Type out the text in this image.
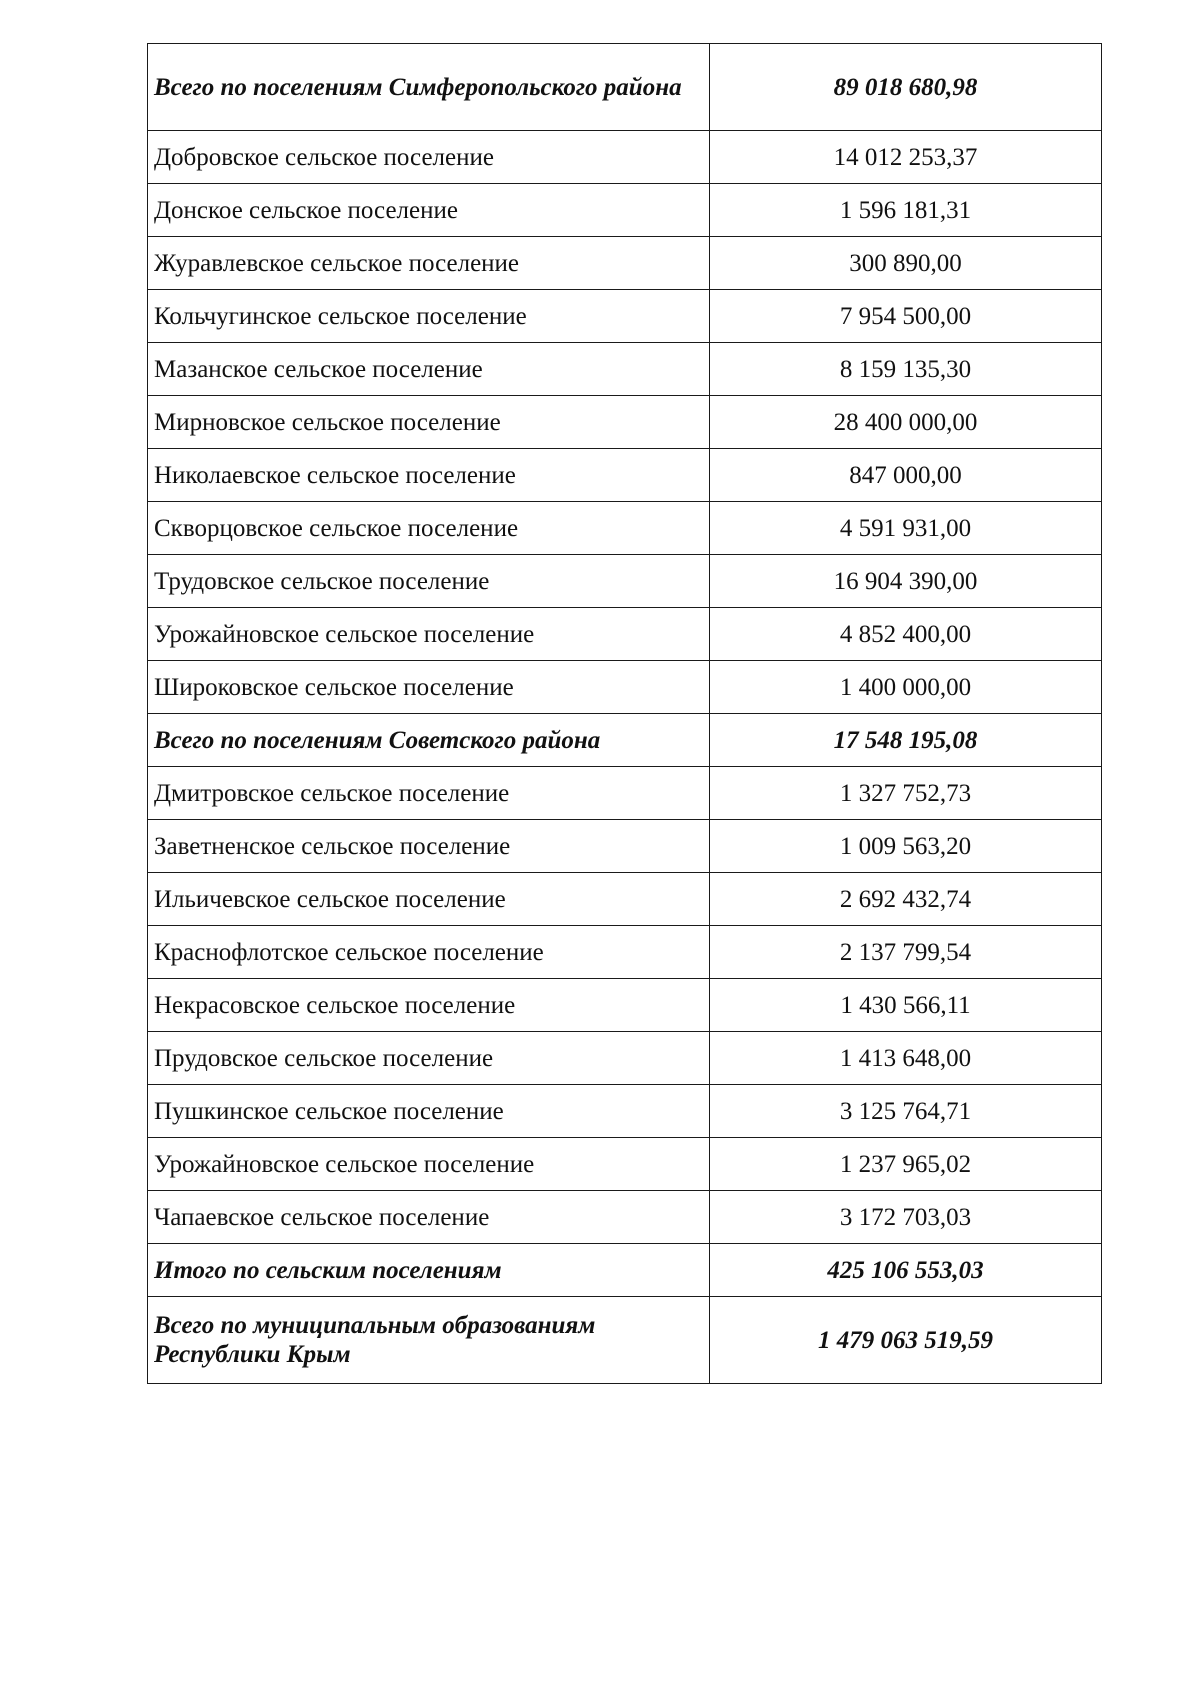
Всего по поселениям Симферопольского района	89 018 680,98
Добровское сельское поселение	14 012 253,37
Донское сельское поселение	1 596 181,31
Журавлевское сельское поселение	300 890,00
Кольчугинское сельское поселение	7 954 500,00
Мазанское сельское поселение	8 159 135,30
Мирновское сельское поселение	28 400 000,00
Николаевское сельское поселение	847 000,00
Скворцовское сельское поселение	4 591 931,00
Трудовское сельское поселение	16 904 390,00
Урожайновское сельское поселение	4 852 400,00
Широковское сельское поселение	1 400 000,00
Всего по поселениям Советского района	17 548 195,08
Дмитровское сельское поселение	1 327 752,73
Заветненское сельское поселение	1 009 563,20
Ильичевское сельское поселение	2 692 432,74
Краснофлотское сельское поселение	2 137 799,54
Некрасовское сельское поселение	1 430 566,11
Прудовское сельское поселение	1 413 648,00
Пушкинское сельское поселение	3 125 764,71
Урожайновское сельское поселение	1 237 965,02
Чапаевское сельское поселение	3 172 703,03
Итого по сельским поселениям	425 106 553,03
Всего по муниципальным образованиям Республики Крым	1 479 063 519,59
